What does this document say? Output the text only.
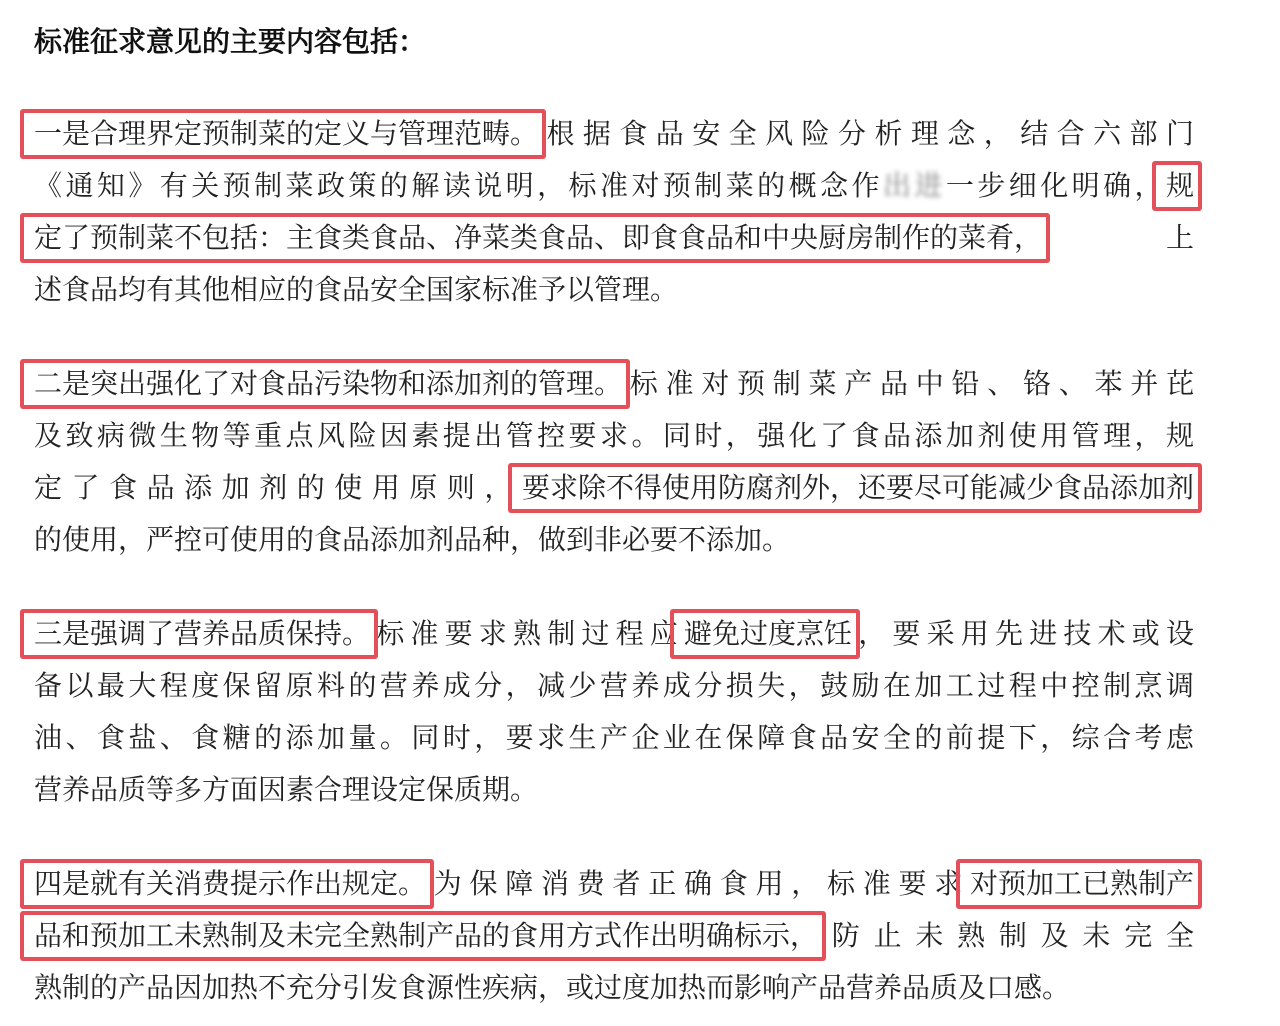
标准征求意见的主要内容包括：
一是合理界定预制菜的定义与管理范畴。根据食品安全风险分析理念，结合六部门
《通知》有关预制菜政策的解读说明，标准对预制菜的概念作出进一步细化明确，规
定了预制菜不包括：主食类食品、净菜类食品、即食食品和中央厨房制作的菜肴，上
述食品均有其他相应的食品安全国家标准予以管理。
二是突出强化了对食品污染物和添加剂的管理。标准对预制菜产品中铅、铬、苯并芘
及致病微生物等重点风险因素提出管控要求。同时，强化了食品添加剂使用管理，规
定了食品添加剂的使用原则，要求除不得使用防腐剂外，还要尽可能减少食品添加剂
的使用，严控可使用的食品添加剂品种，做到非必要不添加。
三是强调了营养品质保持。标准要求熟制过程应避免过度烹饪，要采用先进技术或设
备以最大程度保留原料的营养成分，减少营养成分损失，鼓励在加工过程中控制烹调
油、食盐、食糖的添加量。同时，要求生产企业在保障食品安全的前提下，综合考虑
营养品质等多方面因素合理设定保质期。
四是就有关消费提示作出规定。为保障消费者正确食用，标准要求对预加工已熟制产
品和预加工未熟制及未完全熟制产品的食用方式作出明确标示，防止未熟制及未完全
熟制的产品因加热不充分引发食源性疾病，或过度加热而影响产品营养品质及口感。
